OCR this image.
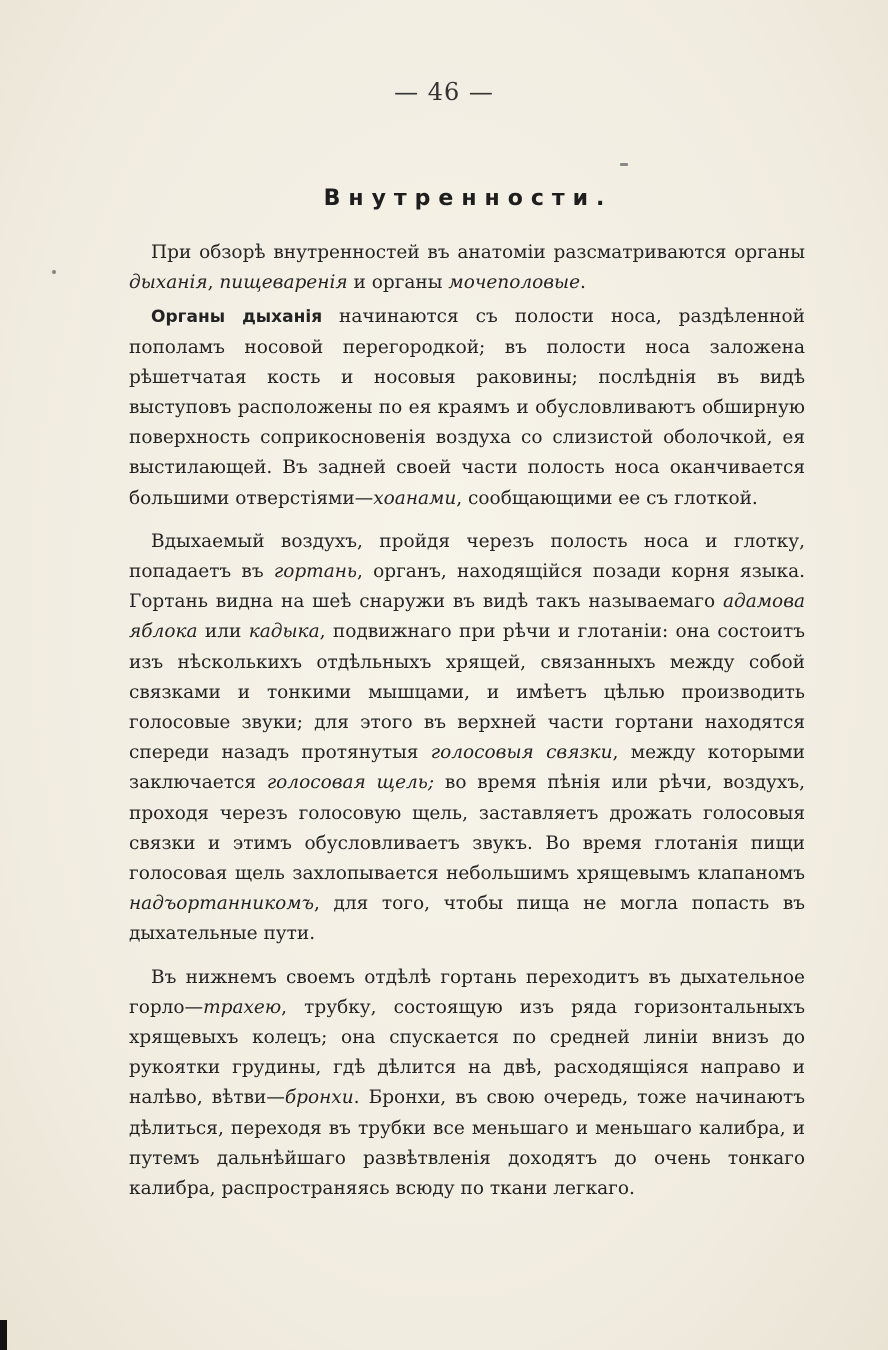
— 46 —
Внутренности.

При обзорѣ внутренностей въ анатоміи разсматриваются органы дыханія, пищеваренія и органы мочеполовые.

Органы дыханія начинаются съ полости носа, раздѣленной пополамъ носовой перегородкой; въ полости носа заложена рѣшетчатая кость и носовыя раковины; послѣднія въ видѣ выступовъ расположены по ея краямъ и обусловливаютъ обширную поверхность соприкосновенія воздуха со слизистой оболочкой, ея выстилающей. Въ задней своей части полость носа оканчивается большими отверстіями—хоанами, сообщающими ее съ глоткой.

Вдыхаемый воздухъ, пройдя черезъ полость носа и глотку, попадаетъ въ гортань, органъ, находящійся позади корня языка. Гортань видна на шеѣ снаружи въ видѣ такъ называемаго адамова яблока или кадыка, подвижнаго при рѣчи и глотаніи: она состоитъ изъ нѣсколькихъ отдѣльныхъ хрящей, связанныхъ между собой связками и тонкими мышцами, и имѣетъ цѣлью производить голосовые звуки; для этого въ верхней части гортани находятся спереди назадъ протянутыя голосовыя связки, между которыми заключается голосовая щель; во время пѣнія или рѣчи, воздухъ, проходя черезъ голосовую щель, заставляетъ дрожать голосовыя связки и этимъ обусловливаетъ звукъ. Во время глотанія пищи голосовая щель захлопывается небольшимъ хрящевымъ клапаномъ надъортанникомъ, для того, чтобы пища не могла попасть въ дыхательные пути.

Въ нижнемъ своемъ отдѣлѣ гортань переходитъ въ дыхательное горло—трахею, трубку, состоящую изъ ряда горизонтальныхъ хрящевыхъ колецъ; она спускается по средней линіи внизъ до рукоятки грудины, гдѣ дѣлится на двѣ, расходящіяся направо и налѣво, вѣтви—бронхи. Бронхи, въ свою очередь, тоже начинаютъ дѣлиться, переходя въ трубки все меньшаго и меньшаго калибра, и путемъ дальнѣйшаго развѣтвленія доходятъ до очень тонкаго калибра, распространяясь всюду по ткани легкаго.
